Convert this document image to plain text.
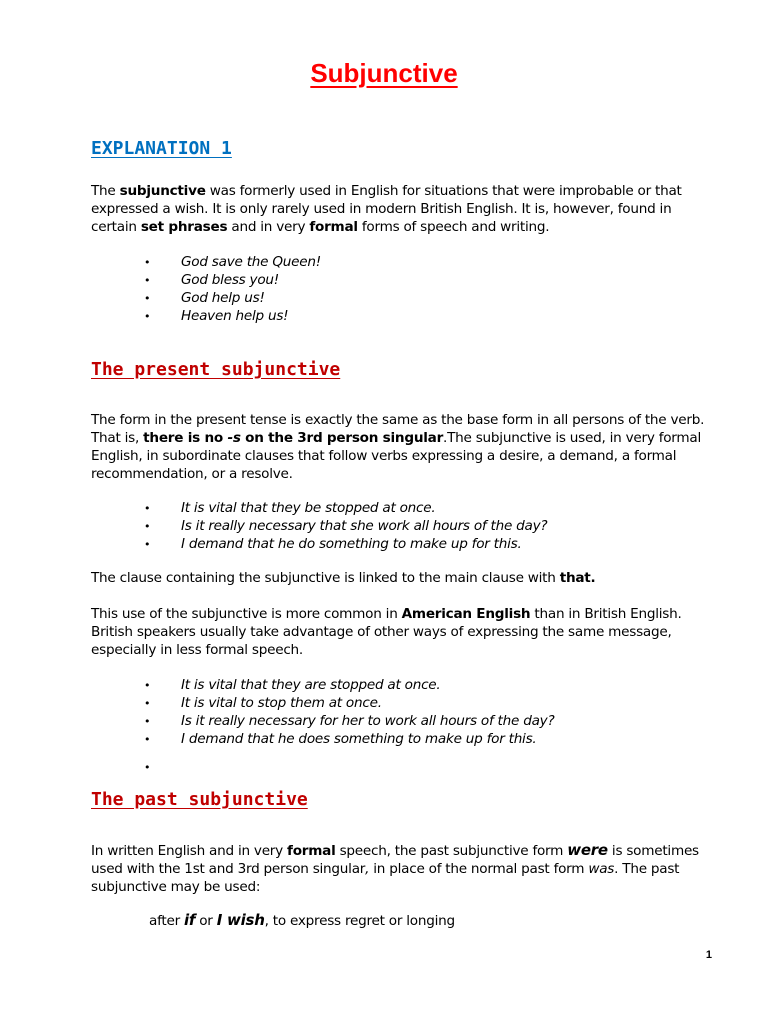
Subjunctive
EXPLANATION 1
The subjunctive was formerly used in English for situations that were improbable or that expressed a wish. It is only rarely used in modern British English. It is, however, found in certain set phrases and in very formal forms of speech and writing.
• God save the Queen!
• God bless you!
• God help us!
• Heaven help us!
The present subjunctive
The form in the present tense is exactly the same as the base form in all persons of the verb. That is, there is no -s on the 3rd person singular.The subjunctive is used, in very formal English, in subordinate clauses that follow verbs expressing a desire, a demand, a formal recommendation, or a resolve.
• It is vital that they be stopped at once.
• Is it really necessary that she work all hours of the day?
• I demand that he do something to make up for this.
The clause containing the subjunctive is linked to the main clause with that.
This use of the subjunctive is more common in American English than in British English. British speakers usually take advantage of other ways of expressing the same message, especially in less formal speech.
• It is vital that they are stopped at once.
• It is vital to stop them at once.
• Is it really necessary for her to work all hours of the day?
• I demand that he does something to make up for this.
•
The past subjunctive
In written English and in very formal speech, the past subjunctive form were is sometimes used with the 1st and 3rd person singular, in place of the normal past form was. The past subjunctive may be used:
after if or I wish, to express regret or longing
1
